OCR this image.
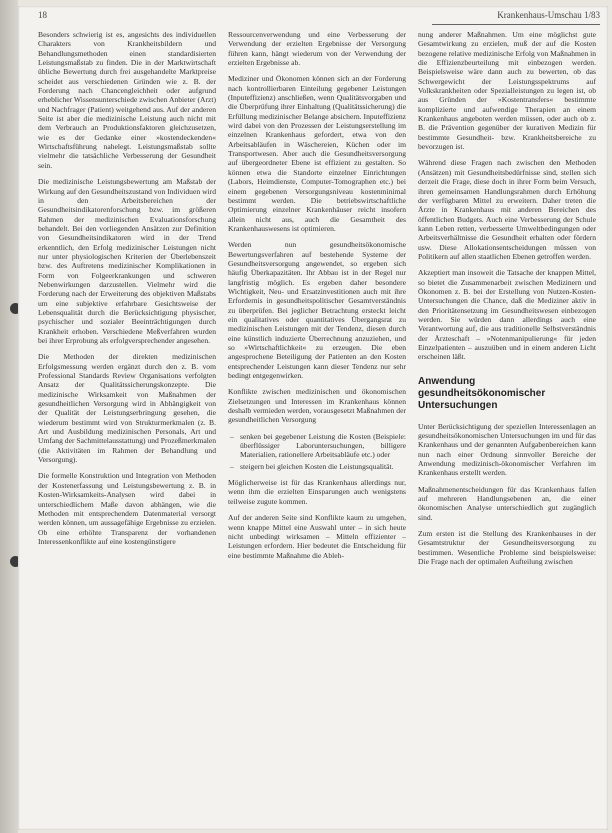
18	Krankenhaus-Umschau 1/83

Besonders schwierig ist es, angesichts des individuellen Charakters von Krankheitsbildern und Behandlungsmethoden einen standardisierten Leistungsmaßstab zu finden. Die in der Marktwirtschaft übliche Bewertung durch frei ausgehandelte Marktpreise scheidet aus verschiedenen Gründen wie z. B. der Forderung nach Chancengleichheit oder aufgrund erheblicher Wissensunterschiede zwischen Anbieter (Arzt) und Nachfrager (Patient) weitgehend aus. Auf der anderen Seite ist aber die medizinische Leistung auch nicht mit dem Verbrauch an Produktionsfaktoren gleichzusetzen, wie es der Gedanke einer »kostendeckenden« Wirtschaftsführung nahelegt. Leistungsmaßstab sollte vielmehr die tatsächliche Verbesserung der Gesundheit sein.

Die medizinische Leistungsbewertung am Maßstab der Wirkung auf den Gesundheitszustand von Individuen wird in den Arbeitsbereichen der Gesundheitsindikatorenforschung bzw. im größeren Rahmen der medizinischen Evaluationsforschung behandelt. Bei den vorliegenden Ansätzen zur Definition von Gesundheitsindikatoren wird in der Trend erkenntlich, den Erfolg medizinischer Leistungen nicht nur unter physiologischen Kriterien der Überlebenszeit bzw. des Auftretens medizinischer Komplikationen in Form von Folgeerkrankungen und schweren Nebenwirkungen darzustellen. Vielmehr wird die Forderung nach der Erweiterung des objektiven Maßstabs um eine subjektive erfahrbare Gesichtsweise der Lebensqualität durch die Berücksichtigung physischer, psychischer und sozialer Beeinträchtigungen durch Krankheit erhoben. Verschiedene Meßverfahren wurden bei ihrer Erprobung als erfolgversprechender angesehen.

Die Methoden der direkten medizinischen Erfolgsmessung werden ergänzt durch den z. B. vom Professional Standards Review Organisations verfolgten Ansatz der Qualitätssicherungskonzepte. Die medizinische Wirksamkeit von Maßnahmen der gesundheitlichen Versorgung wird in Abhängigkeit von der Qualität der Leistungserbringung gesehen, die wiederum bestimmt wird von Strukturmerkmalen (z. B. Art und Ausbildung medizinischen Personals, Art und Umfang der Sachmittelausstattung) und Prozeßmerkmalen (die Aktivitäten im Rahmen der Behandlung und Versorgung).

Die formelle Konstruktion und Integration von Methoden der Kostenerfassung und Leistungsbewertung z. B. in Kosten-Wirksamkeits-Analysen wird dabei in unterschiedlichem Maße davon abhängen, wie die Methoden mit entsprechendem Datenmaterial versorgt werden können, um aussagefähige Ergebnisse zu erzielen. Ob eine erhöhte Transparenz der vorhandenen Interessenkonflikte auf eine kostengünstigere

Ressourcenverwendung und eine Verbesserung der Verwendung der erzielten Ergebnisse der Versorgung führen kann, hängt wiederum von der Verwendung der erzielten Ergebnisse ab.

Mediziner und Ökonomen können sich an der Forderung nach kontrollierbaren Einteilung gegebener Leistungen (Inputeffizienz) anschließen, wenn Qualitätsvorgaben und die Überprüfung ihrer Einhaltung (Qualitätssicherung) die Erfüllung medizinischer Belange absichern. Inputeffizienz wird dabei von den Prozessen der Leistungserstellung im einzelnen Krankenhaus gefordert, etwa von den Arbeitsabläufen in Wäschereien, Küchen oder im Transportwesen. Aber auch die Gesundheitsversorgung auf übergeordneter Ebene ist effizient zu gestalten. So können etwa die Standorte einzelner Einrichtungen (Labors, Heimdienste, Computer-Tomographen etc.) bei einem gegebenen Versorgungsniveau kostenminimal bestimmt werden. Die betriebswirtschaftliche Optimierung einzelner Krankenhäuser reicht insofern allein nicht aus, auch die Gesamtheit des Krankenhauswesens ist optimieren.

Werden nun gesundheitsökonomische Bewertungsverfahren auf bestehende Systeme der Gesundheitsversorgung angewendet, so ergeben sich häufig Überkapazitäten. Ihr Abbau ist in der Regel nur langfristig möglich. Es ergeben daher besondere Wichtigkeit, Neu- und Ersatzinvestitionen auch mit ihre Erfordernis in gesundheitspolitischer Gesamtverständnis zu überprüfen. Bei jeglicher Betrachtung ersteckt leicht ein qualitatives oder quantitatives Übergangsrat zu medizinischen Leistungen mit der Tendenz, diesen durch eine künstlich induzierte Überrechnung anzuziehen, und so »Wirtschaftlichkeit« zu erzeugen. Die eben angesprochene Beteiligung der Patienten an den Kosten entsprechender Leistungen kann dieser Tendenz nur sehr bedingt entgegenwirken.

Konflikte zwischen medizinischen und ökonomischen Zielsetzungen und Interessen im Krankenhaus können deshalb vermieden werden, vorausgesetzt Maßnahmen der gesundheitlichen Versorgung

– senken bei gegebener Leistung die Kosten (Beispiele: überflüssiger Laboruntersuchungen, billigere Materialien, rationellere Arbeitsabläufe etc.) oder
– steigern bei gleichen Kosten die Leistungsqualität.

Möglicherweise ist für das Krankenhaus allerdings nur, wenn ihm die erzielten Einsparungen auch wenigstens teilweise zugute kommen.

Auf der anderen Seite sind Konflikte kaum zu umgehen, wenn knappe Mittel eine Auswahl unter – in sich heute nicht unbedingt wirksamen – Mitteln effizienter – Leistungen erfordern. Hier bedeutet die Entscheidung für eine bestimmte Maßnahme die Ableh-

nung anderer Maßnahmen. Um eine möglichst gute Gesamtwirkung zu erzielen, muß der auf die Kosten bezogene relative medizinische Erfolg von Maßnahmen in die Effizienzbeurteilung mit einbezogen werden. Beispielsweise wäre dann auch zu bewerten, ob das Schwergewicht der Leistungsspektrums auf Volkskrankheiten oder Spezialleistungen zu legen ist, ob aus Gründen der »Kostentransfers« bestimmte komplizierte und aufwendige Therapien an einem Krankenhaus angeboten werden müssen, oder auch ob z. B. die Prävention gegenüber der kurativen Medizin für bestimmte Gesundheit- bzw. Krankheitsbereiche zu bevorzugen ist.

Während diese Fragen nach zwischen den Methoden (Ansätzen) mit Gesundheitsbedürfnisse sind, stellen sich derzeit die Frage, diese doch in ihrer Form beim Versuch, ihren gemeinsamen Handlungsrahmen durch Erhöhung der verfügbaren Mittel zu erweitern. Daher treten die Ärzte in Krankenhaus mit anderen Bereichen des öffentlichen Budgets. Auch eine Verbesserung der Schule kann Leben retten, verbesserte Umweltbedingungen oder Arbeitsverhältnisse die Gesundheit erhalten oder fördern usw. Diese Allokationsentscheidungen müssen von Politikern auf allen staatlichen Ebenen getroffen werden.

Akzeptiert man insoweit die Tatsache der knappen Mittel, so bietet die Zusammenarbeit zwischen Medizinern und Ökonomen z. B. bei der Erstellung von Nutzen-Kosten-Untersuchungen die Chance, daß die Mediziner aktiv in den Prioritätensetzung im Gesundheitswesen einbezogen werden. Sie würden dann allerdings auch eine Verantwortung auf, die aus traditionelle Selbstverständnis der Ärzteschaft – »Notenmanipulierung« für jeden Einzelpatienten – auszuüben und in einem anderen Licht erscheinen läßt.

Anwendung gesundheitsökonomischer Untersuchungen

Unter Berücksichtigung der speziellen Interessenlagen an gesundheitsökonomischen Untersuchungen im und für das Krankenhaus und der genannten Aufgabenbereichen kann nun nach einer Ordnung sinnvoller Bereiche der Anwendung medizinisch-ökonomischer Verfahren im Krankenhaus erstellt werden.

Maßnahmenentscheidungen für das Krankenhaus fallen auf mehreren Handlungsebenen an, die einer ökonomischen Analyse unterschiedlich gut zugänglich sind.

Zum ersten ist die Stellung des Krankenhauses in der Gesamtstruktur der Gesundheitsversorgung zu bestimmen. Wesentliche Probleme sind beispielsweise: Die Frage nach der optimalen Aufteilung zwischen
